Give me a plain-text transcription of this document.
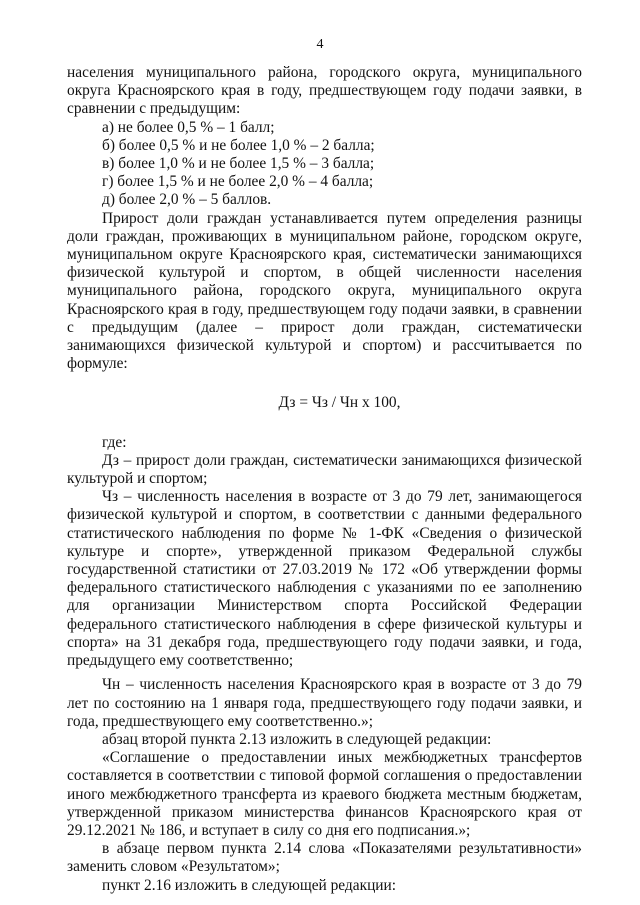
4

населения муниципального района, городского округа, муниципального округа Красноярского края в году, предшествующем году подачи заявки, в сравнении с предыдущим:

а) не более 0,5 % – 1 балл;

б) более 0,5 % и не более 1,0 % – 2 балла;

в) более 1,0 % и не более 1,5 % – 3 балла;

г) более 1,5 % и не более 2,0 % – 4 балла;

д) более 2,0 % – 5 баллов.

Прирост доли граждан устанавливается путем определения разницы доли граждан, проживающих в муниципальном районе, городском округе, муниципальном округе Красноярского края, систематически занимающихся физической культурой и спортом, в общей численности населения муниципального района, городского округа, муниципального округа Красноярского края в году, предшествующем году подачи заявки, в сравнении с предыдущим (далее – прирост доли граждан, систематически занимающихся физической культурой и спортом) и рассчитывается по формуле:

Дз = Чз / Чн х 100,

где:

Дз – прирост доли граждан, систематически занимающихся физической культурой и спортом;

Чз – численность населения в возрасте от 3 до 79 лет, занимающегося физической культурой и спортом, в соответствии с данными федерального статистического наблюдения по форме № 1-ФК «Сведения о физической культуре и спорте», утвержденной приказом Федеральной службы государственной статистики от 27.03.2019 № 172 «Об утверждении формы федерального статистического наблюдения с указаниями по ее заполнению для организации Министерством спорта Российской Федерации федерального статистического наблюдения в сфере физической культуры и спорта» на 31 декабря года, предшествующего году подачи заявки, и года, предыдущего ему соответственно;

Чн – численность населения Красноярского края в возрасте от 3 до 79 лет по состоянию на 1 января года, предшествующего году подачи заявки, и года, предшествующего ему соответственно.»;

абзац второй пункта 2.13 изложить в следующей редакции:

«Соглашение о предоставлении иных межбюджетных трансфертов составляется в соответствии с типовой формой соглашения о предоставлении иного межбюджетного трансферта из краевого бюджета местным бюджетам, утвержденной приказом министерства финансов Красноярского края от 29.12.2021 № 186, и вступает в силу со дня его подписания.»;

в абзаце первом пункта 2.14 слова «Показателями результативности» заменить словом «Результатом»;

пункт 2.16 изложить в следующей редакции:
